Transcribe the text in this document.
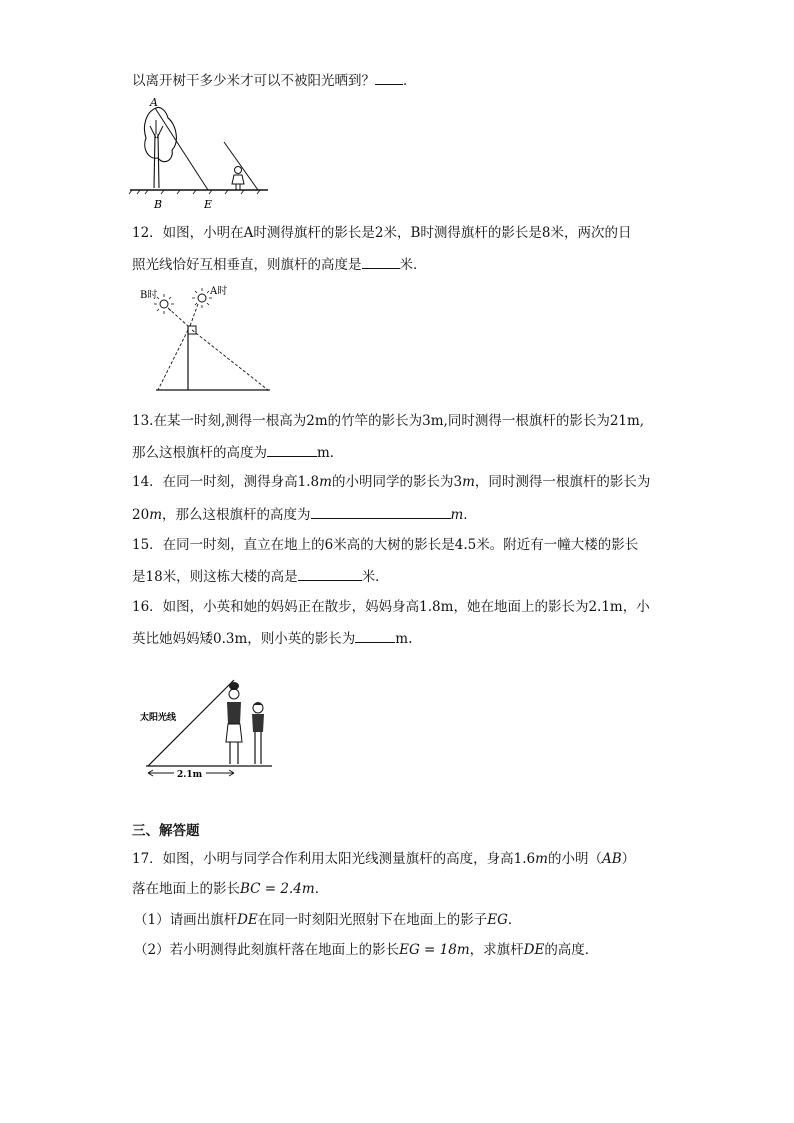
以离开树干多少米才可以不被阳光晒到？ ．
A
B	E
12．如图，小明在A时测得旗杆的影长是2米，B时测得旗杆的影长是8米，两次的日
照光线恰好互相垂直，则旗杆的高度是	米．
B时	A时
13.在某一时刻,测得一根高为2m的竹竿的影长为3m,同时测得一根旗杆的影长为21m,
那么这根旗杆的高度为	m．
14．在同一时刻，测得身高1.8m的小明同学的影长为3m，同时测得一根旗杆的影长为
20m，那么这根旗杆的高度为	m．
15．在同一时刻，直立在地上的6米高的大树的影长是4.5米。附近有一幢大楼的影长
是18米，则这栋大楼的高是	米．
16．如图，小英和她的妈妈正在散步，妈妈身高1.8m，她在地面上的影长为2.1m，小
英比她妈妈矮0.3m，则小英的影长为	m.
太阳光线
2.1m
三、解答题
17．如图，小明与同学合作利用太阳光线测量旗杆的高度，身高1.6m的小明（AB）
落在地面上的影长BC = 2.4m．
（1）请画出旗杆DE在同一时刻阳光照射下在地面上的影子EG．
（2）若小明测得此刻旗杆落在地面上的影长EG = 18m，求旗杆DE的高度．
